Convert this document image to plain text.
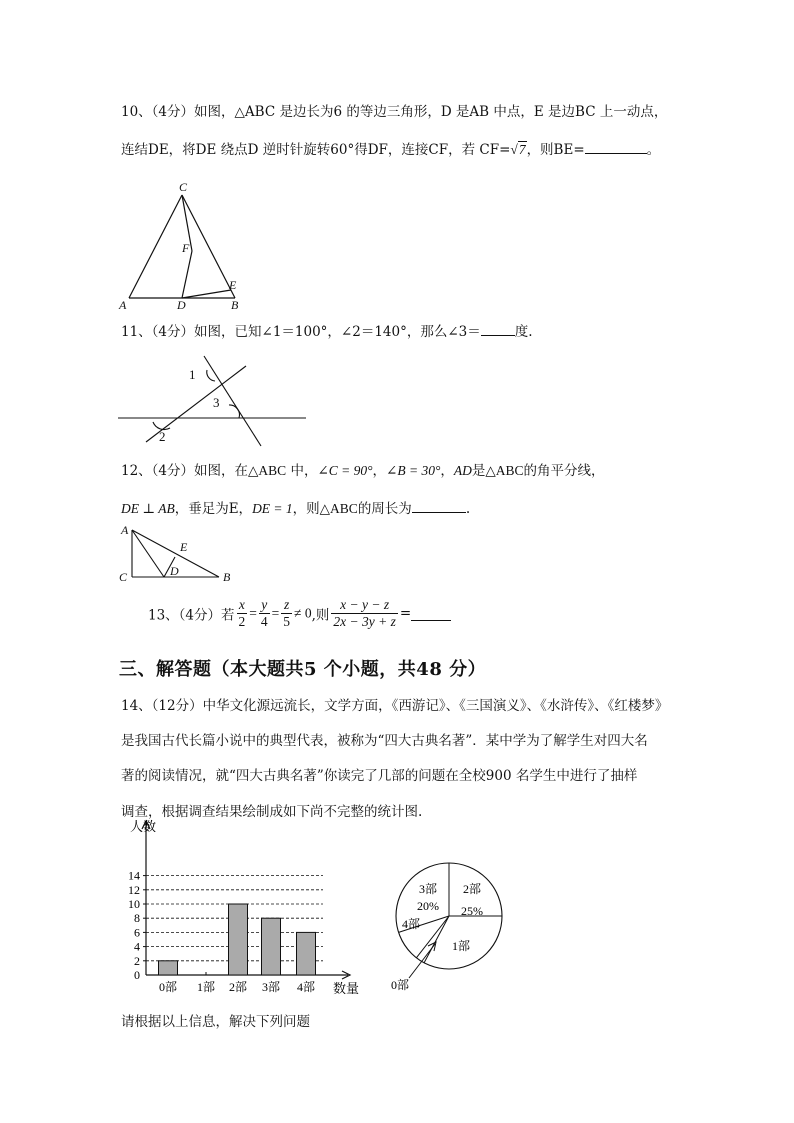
10、（4分）如图，△ABC 是边长为6 的等边三角形，D 是AB 中点，E 是边BC 上一动点，
连结DE，将DE 绕点D 逆时针旋转60°得DF，连接CF，若 CF=√7，则BE=	。
C
F
E
A	D	B
11、（4分）如图，已知∠1＝100°，∠2＝140°，那么∠3＝	度.
1
3
2
12、（4分）如图，在△ABC 中，∠C = 90°，∠B = 30°，AD是△ABC的角平分线，
DE ⊥ AB，垂足为E，DE = 1，则△ABC的周长为	.
A
E
D
C	B
13、（4分）若 $\frac{x}{2} = \frac{y}{4} = \frac{z}{5} \ne 0$,则 $\frac{x - y - z}{2x - 3y + z}$ =
三、解答题（本大题共5 个小题，共48 分）
14、（12分）中华文化源远流长，文学方面，《西游记》、《三国演义》、《水浒传》、《红楼梦》
是我国古代长篇小说中的典型代表，被称为“四大古典名著”．某中学为了解学生对四大名
著的阅读情况，就“四大古典名著”你读完了几部的问题在全校900 名学生中进行了抽样
调查，根据调查结果绘制成如下尚不完整的统计图.
人数
0
2
4
6
8
10
12
14
0部 1部 2部 3部 4部 数量
2部
25%
1部
0部
4部
3部
20%
请根据以上信息，解决下列问题
